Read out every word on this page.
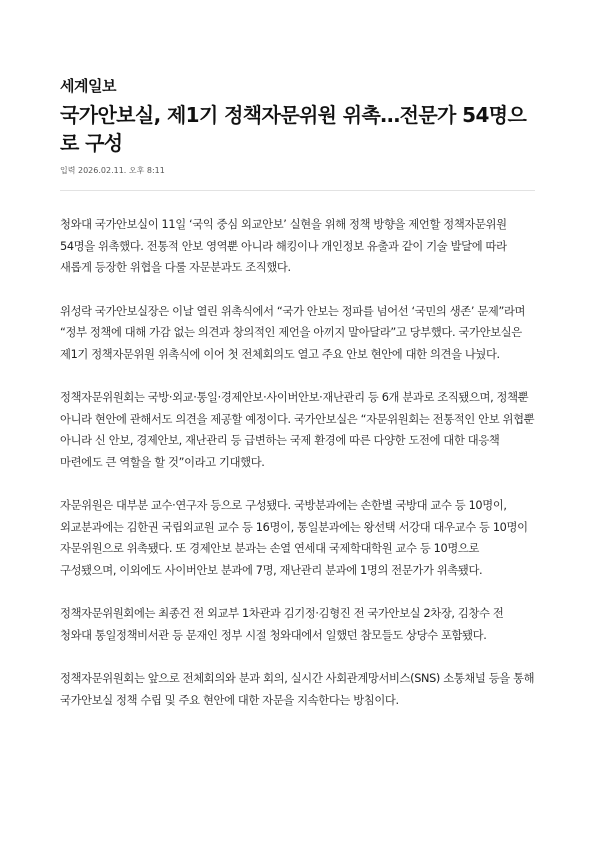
세계일보
국가안보실, 제1기 정책자문위원 위촉…전문가 54명으로 구성
입력 2026.02.11. 오후 8:11

청와대 국가안보실이 11일 ‘국익 중심 외교안보’ 실현을 위해 정책 방향을 제언할 정책자문위원 54명을 위촉했다. 전통적 안보 영역뿐 아니라 해킹이나 개인정보 유출과 같이 기술 발달에 따라 새롭게 등장한 위협을 다룰 자문분과도 조직했다.

위성락 국가안보실장은 이날 열린 위촉식에서 “국가 안보는 정파를 넘어선 ‘국민의 생존’ 문제”라며 “정부 정책에 대해 가감 없는 의견과 창의적인 제언을 아끼지 말아달라”고 당부했다. 국가안보실은 제1기 정책자문위원 위촉식에 이어 첫 전체회의도 열고 주요 안보 현안에 대한 의견을 나눴다.

정책자문위원회는 국방·외교·통일·경제안보·사이버안보·재난관리 등 6개 분과로 조직됐으며, 정책뿐 아니라 현안에 관해서도 의견을 제공할 예정이다. 국가안보실은 “자문위원회는 전통적인 안보 위협뿐 아니라 신 안보, 경제안보, 재난관리 등 급변하는 국제 환경에 따른 다양한 도전에 대한 대응책 마련에도 큰 역할을 할 것”이라고 기대했다.

자문위원은 대부분 교수·연구자 등으로 구성됐다. 국방분과에는 손한별 국방대 교수 등 10명이, 외교분과에는 김한권 국립외교원 교수 등 16명이, 통일분과에는 왕선택 서강대 대우교수 등 10명이 자문위원으로 위촉됐다. 또 경제안보 분과는 손열 연세대 국제학대학원 교수 등 10명으로 구성됐으며, 이외에도 사이버안보 분과에 7명, 재난관리 분과에 1명의 전문가가 위촉됐다.

정책자문위원회에는 최종건 전 외교부 1차관과 김기정·김형진 전 국가안보실 2차장, 김창수 전 청와대 통일정책비서관 등 문재인 정부 시절 청와대에서 일했던 참모들도 상당수 포함됐다.

정책자문위원회는 앞으로 전체회의와 분과 회의, 실시간 사회관계망서비스(SNS) 소통채널 등을 통해 국가안보실 정책 수립 및 주요 현안에 대한 자문을 지속한다는 방침이다.
